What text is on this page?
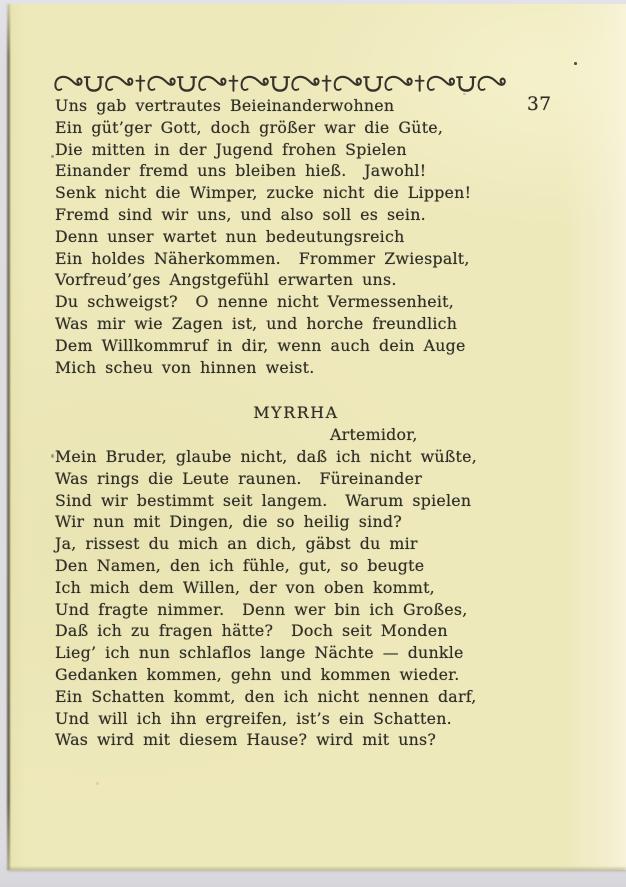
37
Uns gab vertrautes Beieinanderwohnen
Ein güt’ger Gott, doch größer war die Güte,
Die mitten in der Jugend frohen Spielen
Einander fremd uns bleiben hieß.  Jawohl!
Senk nicht die Wimper, zucke nicht die Lippen!
Fremd sind wir uns, und also soll es sein.
Denn unser wartet nun bedeutungsreich
Ein holdes Näherkommen.  Frommer Zwiespalt,
Vorfreud’ges Angstgefühl erwarten uns.
Du schweigst?  O nenne nicht Vermessenheit,
Was mir wie Zagen ist, und horche freundlich
Dem Willkommruf in dir, wenn auch dein Auge
Mich scheu von hinnen weist.
MYRRHA
Artemidor,
Mein Bruder, glaube nicht, daß ich nicht wüßte,
Was rings die Leute raunen.  Füreinander
Sind wir bestimmt seit langem.  Warum spielen
Wir nun mit Dingen, die so heilig sind?
Ja, rissest du mich an dich, gäbst du mir
Den Namen, den ich fühle, gut, so beugte
Ich mich dem Willen, der von oben kommt,
Und fragte nimmer.  Denn wer bin ich Großes,
Daß ich zu fragen hätte?  Doch seit Monden
Lieg’ ich nun schlaflos lange Nächte — dunkle
Gedanken kommen, gehn und kommen wieder.
Ein Schatten kommt, den ich nicht nennen darf,
Und will ich ihn ergreifen, ist’s ein Schatten.
Was wird mit diesem Hause? wird mit uns?
